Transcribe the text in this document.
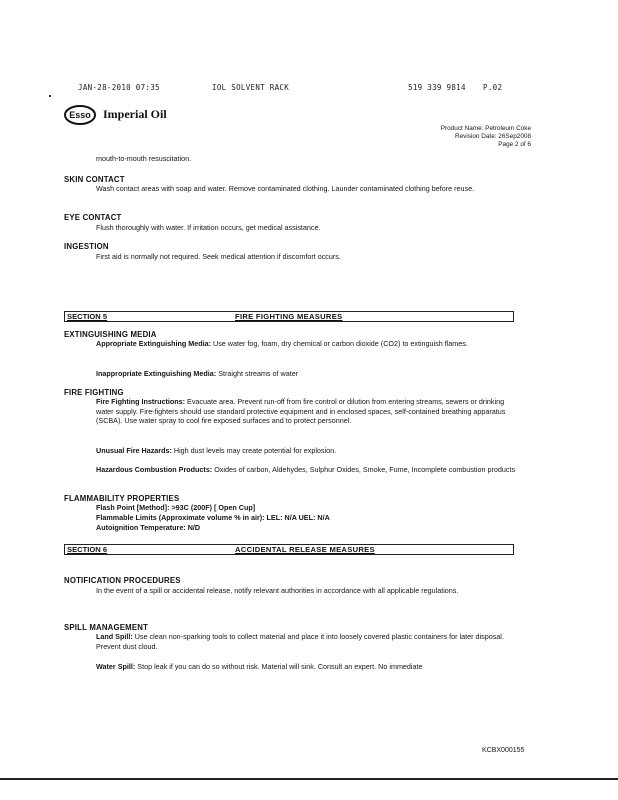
JAN-28-2010 07:35	IOL SOLVENT RACK	519 339 9814 P.02
Esso Imperial Oil
Product Name: Petroleum Coke
Revision Date: 26Sep2008
Page 2 of 6
mouth-to-mouth resuscitation.
SKIN CONTACT
Wash contact areas with soap and water. Remove contaminated clothing. Launder contaminated clothing before reuse.
EYE CONTACT
Flush thoroughly with water. If irritation occurs, get medical assistance.
INGESTION
First aid is normally not required. Seek medical attention if discomfort occurs.
SECTION 5	FIRE FIGHTING MEASURES
EXTINGUISHING MEDIA
Appropriate Extinguishing Media: Use water fog, foam, dry chemical or carbon dioxide (CO2) to extinguish flames.
Inappropriate Extinguishing Media: Straight streams of water
FIRE FIGHTING
Fire Fighting Instructions: Evacuate area. Prevent run-off from fire control or dilution from entering streams, sewers or drinking water supply. Fire-fighters should use standard protective equipment and in enclosed spaces, self-contained breathing apparatus (SCBA). Use water spray to cool fire exposed surfaces and to protect personnel.
Unusual Fire Hazards: High dust levels may create potential for explosion.
Hazardous Combustion Products: Oxides of carbon, Aldehydes, Sulphur Oxides, Smoke, Fume, Incomplete combustion products
FLAMMABILITY PROPERTIES
Flash Point [Method]: >93C (200F) [ Open Cup]
Flammable Limits (Approximate volume % in air): LEL: N/A UEL: N/A
Autoignition Temperature: N/D
SECTION 6	ACCIDENTAL RELEASE MEASURES
NOTIFICATION PROCEDURES
In the event of a spill or accidental release, notify relevant authorities in accordance with all applicable regulations.
SPILL MANAGEMENT
Land Spill: Use clean non-sparking tools to collect material and place it into loosely covered plastic containers for later disposal. Prevent dust cloud.
Water Spill: Stop leak if you can do so without risk. Material will sink. Consult an expert. No immediate
KCBX000155
